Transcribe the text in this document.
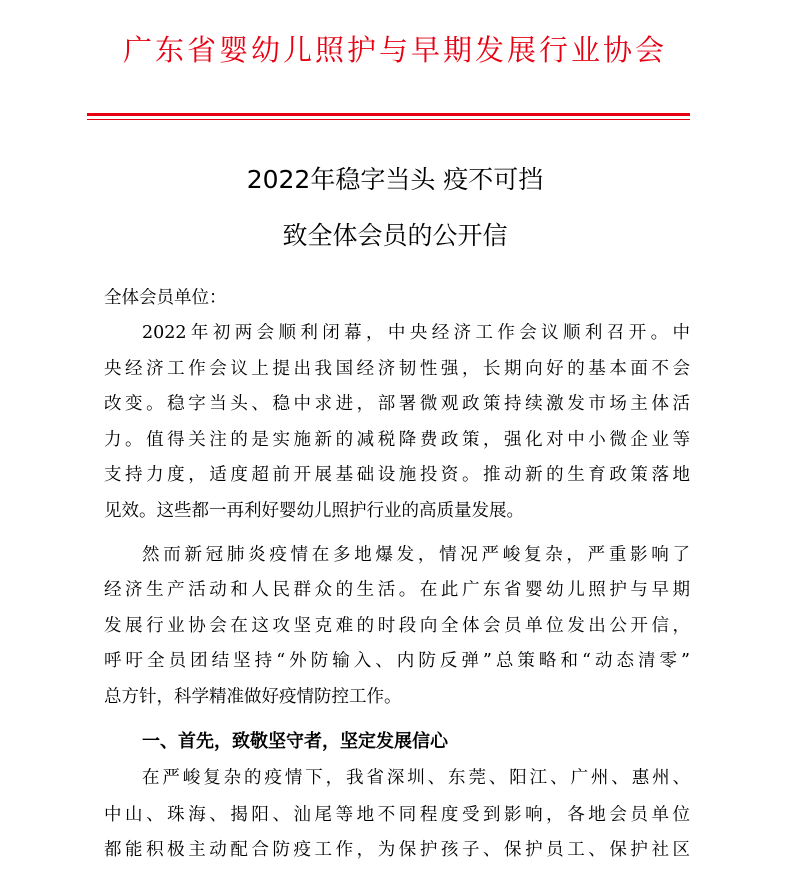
广东省婴幼儿照护与早期发展行业协会
2022年稳字当头 疫不可挡
致全体会员的公开信
全体会员单位：
2022年初两会顺利闭幕，中央经济工作会议顺利召开。中
央经济工作会议上提出我国经济韧性强，长期向好的基本面不会
改变。稳字当头、稳中求进，部署微观政策持续激发市场主体活
力。值得关注的是实施新的减税降费政策，强化对中小微企业等
支持力度，适度超前开展基础设施投资。推动新的生育政策落地
见效。这些都一再利好婴幼儿照护行业的高质量发展。
然而新冠肺炎疫情在多地爆发，情况严峻复杂，严重影响了
经济生产活动和人民群众的生活。在此广东省婴幼儿照护与早期
发展行业协会在这攻坚克难的时段向全体会员单位发出公开信，
呼吁全员团结坚持“外防输入、内防反弹”总策略和“动态清零”
总方针，科学精准做好疫情防控工作。
一、首先，致敬坚守者，坚定发展信心
在严峻复杂的疫情下，我省深圳、东莞、阳江、广州、惠州、
中山、珠海、揭阳、汕尾等地不同程度受到影响，各地会员单位
都能积极主动配合防疫工作，为保护孩子、保护员工、保护社区
